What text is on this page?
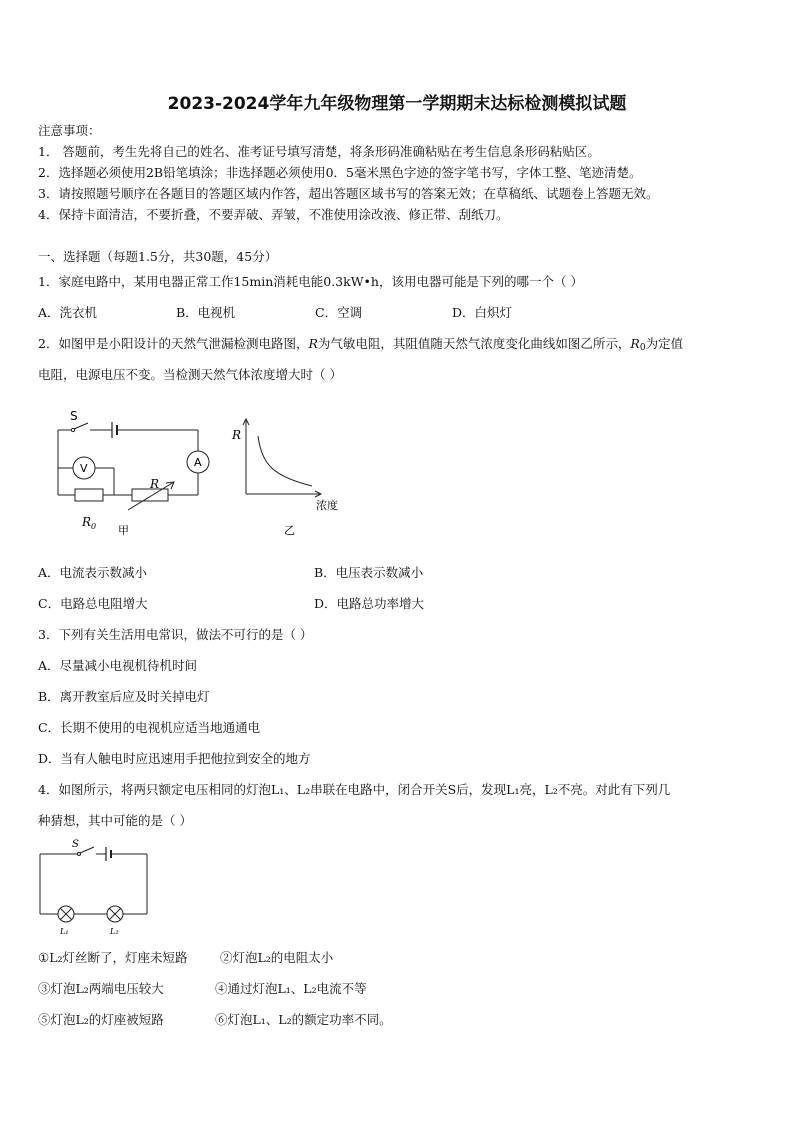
2023-2024学年九年级物理第一学期期末达标检测模拟试题
注意事项：
1． 答题前，考生先将自己的姓名、准考证号填写清楚，将条形码准确粘贴在考生信息条形码粘贴区。
2．选择题必须使用2B铅笔填涂；非选择题必须使用0．5毫米黑色字迹的签字笔书写，字体工整、笔迹清楚。
3．请按照题号顺序在各题目的答题区域内作答，超出答题区域书写的答案无效；在草稿纸、试题卷上答题无效。
4．保持卡面清洁，不要折叠，不要弄破、弄皱，不准使用涂改液、修正带、刮纸刀。
一、选择题（每题1.5分，共30题，45分）
1．家庭电路中，某用电器正常工作15min消耗电能0.3kW•h，该用电器可能是下列的哪一个（ ）
A．洗衣机	B．电视机	C．空调	D．白炽灯
2．如图甲是小阳设计的天然气泄漏检测电路图，R为气敏电阻，其阻值随天然气浓度变化曲线如图乙所示，$R_0$为定值
电阻，电源电压不变。当检测天然气体浓度增大时（ ）
S
V	A
R
$R_0$ 甲
R
浓度
乙
A．电流表示数减小	B．电压表示数减小
C．电路总电阻增大	D．电路总功率增大
3．下列有关生活用电常识，做法不可行的是（ ）
A．尽量减小电视机待机时间
B．离开教室后应及时关掉电灯
C．长期不使用的电视机应适当地通通电
D．当有人触电时应迅速用手把他拉到安全的地方
4．如图所示，将两只额定电压相同的灯泡L₁、L₂串联在电路中，闭合开关S后，发现L₁亮，L₂不亮。对此有下列几
种猜想，其中可能的是（ ）
S
L₁	L₂
①L₂灯丝断了，灯座未短路	②灯泡L₂的电阻太小
③灯泡L₂两端电压较大	④通过灯泡L₁、L₂电流不等
⑤灯泡L₂的灯座被短路	⑥灯泡L₁、L₂的额定功率不同。
